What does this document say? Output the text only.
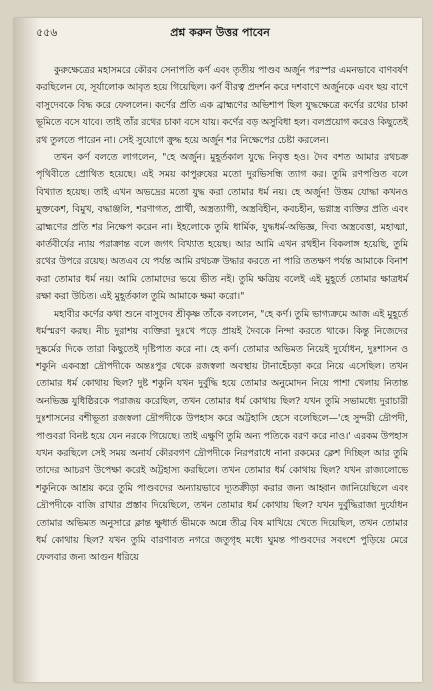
৫৫৬	প্রশ্ন করুন উত্তর পাবেন

কুরুক্ষেত্রের মহাসমরে কৌরব সেনাপতি কর্ণ এবং তৃতীয় পাণ্ডব অর্জুন পরস্পর এমনভাবে বাণবর্ষণ করছিলেন যে, সূর্যালোক আবৃত হয়ে গিয়েছিল। কর্ণ বীরত্ব প্রদর্শন করে দশবাণে অর্জুনকে এবং ছয় বাণে বাসুদেবকে বিদ্ধ করে ফেললেন। কর্ণের প্রতি এক ব্রাহ্মণের অভিশাপ ছিল যুদ্ধক্ষেত্রে কর্ণের রথের চাকা ভূমিতে বসে যাবে। তাই তাঁর রথের চাকা বসে যায়। কর্ণের বড় অসুবিধা হল। বলপ্রয়োগ করেও কিছুতেই রথ তুলতে পারেন না। সেই সুযোগে ক্রুদ্ধ হয়ে অর্জুন শর নিক্ষেপের চেষ্টা করলেন।

তখন কর্ণ বলতে লাগলেন, "হে অর্জুন। মুহূর্তকাল যুদ্ধে নিবৃত্ত হও। দৈব বশত আমার রথচক্র পৃথিবীতে প্রোথিত হয়েছে। এই সময় কাপুরুষের মতো দুরভিসন্ধি ত্যাগ কর। তুমি রণপণ্ডিত বলে বিখ্যাত হয়েছ। তাই এখন অভদ্রের মতো যুদ্ধ করা তোমার ধর্ম নয়। হে অর্জুন! উত্তম যোদ্ধা কখনও মুক্তকেশ, বিমুখ, বদ্ধাঞ্জলি, শরণাগত, প্রার্থী, অস্ত্রত্যাগী, অস্ত্রবিহীন, কবচহীন, ভগ্নাস্ত্র ব্যক্তির প্রতি এবং ব্রাহ্মণের প্রতি শর নিক্ষেপ করেন না। ইহলোকে তুমি ধার্মিক, যুদ্ধধর্ম-অভিজ্ঞ, দিব্য অস্ত্রবেত্তা, মহাত্মা, কার্তবীর্যের ন্যায় পরাক্রান্ত বলে জগৎ বিখ্যাত হয়েছ। আর আমি এখন রথহীন বিকলাঙ্গ হয়েছি, তুমি রথের উপরে রয়েছ। অতএব যে পর্যন্ত আমি রথচক্র উদ্ধার করতে না পারি ততক্ষণ পর্যন্ত আমাকে বিনাশ করা তোমার ধর্ম নয়। আমি তোমাদের ভয়ে ভীত নই। তুমি ক্ষত্রিয় বলেই এই মুহূর্তে তোমার ক্ষাত্রধর্ম রক্ষা করা উচিত। এই মুহূর্তকাল তুমি আমাকে ক্ষমা করো।"

মহাবীর কর্ণের কথা শুনে বাসুদেব শ্রীকৃষ্ণ তাঁকে বললেন, "হে কর্ণ। তুমি ভাগ্যক্রমে আজ এই মুহূর্তে ধর্মস্মরণ করছ। নীচ দুরাশয় ব্যক্তিরা দুঃখে পড়ে প্রায়ই দৈবকে নিন্দা করতে থাকে। কিন্তু নিজেদের দুষ্কর্মের দিকে তারা কিছুতেই দৃষ্টিপাত করে না। হে কর্ণ। তোমার অভিমত নিয়েই দুর্যোধন, দুঃশাসন ও শকুনি একবস্ত্রা দ্রৌপদীকে অন্তঃপুর থেকে রজস্বলা অবস্থায় টানাহেঁচড়া করে নিয়ে এসেছিল। তখন তোমার ধর্ম কোথায় ছিল? দুষ্ট শকুনি যখন দুর্বুদ্ধি হয়ে তোমার অনুমোদন নিয়ে পাশা খেলায় নিতান্ত অনভিজ্ঞ যুধিষ্ঠিরকে পরাজয় করেছিল, তখন তোমার ধর্ম কোথায় ছিল? যখন তুমি সভামধ্যে দুরাচারী দুঃশাসনের বশীভূতা রজস্বলা দ্রৌপদীকে উপহাস করে অট্টহাসি হেসে বলেছিলে—'হে সুন্দরী দ্রৌপদী, পাণ্ডবরা বিনষ্ট হয়ে যেন নরকে গিয়েছে। তাই এক্ষুণি তুমি অন্য পতিকে বরণ করে নাও।' এরকম উপহাস যখন করছিলে সেই সময় অনার্য কৌরবগণ দ্রৌপদীকে নিরপরাধে নানা রকমের ক্লেশ দিচ্ছিল আর তুমি তাদের আচরণ উপেক্ষা করেই অট্টহাস্য করছিলে। তখন তোমার ধর্ম কোথায় ছিল? যখন রাজ্যলোভে শকুনিকে আশ্রয় করে তুমি পাণ্ডবদের অন্যায়ভাবে দ্যূতক্রীড়া করার জন্য আহ্বান জানিয়েছিলে এবং দ্রৌপদীকে বাজি রাখার প্রস্তাব দিয়েছিলে, তখন তোমার ধর্ম কোথায় ছিল? যখন দুর্বুদ্ধিরাজা দুর্যোধন তোমার অভিমত অনুসারে ক্লান্ত ক্ষুধার্ত ভীমকে অন্নে তীব্র বিষ মাখিয়ে খেতে দিয়েছিল, তখন তোমার ধর্ম কোথায় ছিল? যখন তুমি বারণাবত নগরে জতুগৃহ মধ্যে ঘুমন্ত পাণ্ডবদের সবংশে পুড়িয়ে মেরে ফেলবার জন্য আগুন ধরিয়ে
